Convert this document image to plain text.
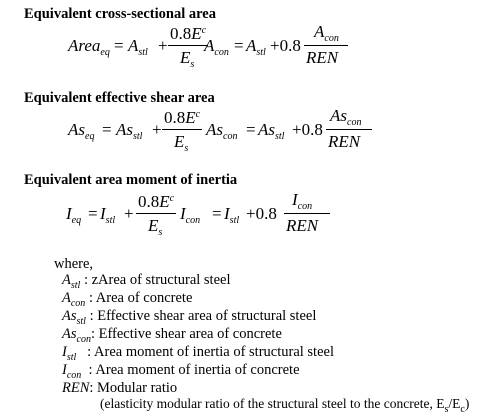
Equivalent cross-sectional area
Equivalent effective shear area
Equivalent area moment of inertia
Area$_{eq}$ = $A_{stl}$ +
$0.8E^c$
$E_s$
$A_{con} = A_{stl} +0.8$
$A_{con}$
REN
$As_{eq} = As_{stl}$ +
$0.8E^c$
$E_s$
$As_{con} = As_{stl} +0.8$
$As_{con}$
REN
$I_{eq} = I_{stl}$ +
$0.8E^c$
$E_s$
$I_{con} = I_{stl} +0.8$
$I_{con}$
REN
where,
$A_{stl}$ : zArea of structural steel
$A_{con}$ : Area of concrete
$As_{stl}$ : Effective shear area of structural steel
$As_{con}$: Effective shear area of concrete
$I_{stl}$   : Area moment of inertia of structural steel
$I_{con}$  : Area moment of inertia of concrete
REN: Modular ratio
(elasticity modular ratio of the structural steel to the concrete, $E_s/E_c$)
